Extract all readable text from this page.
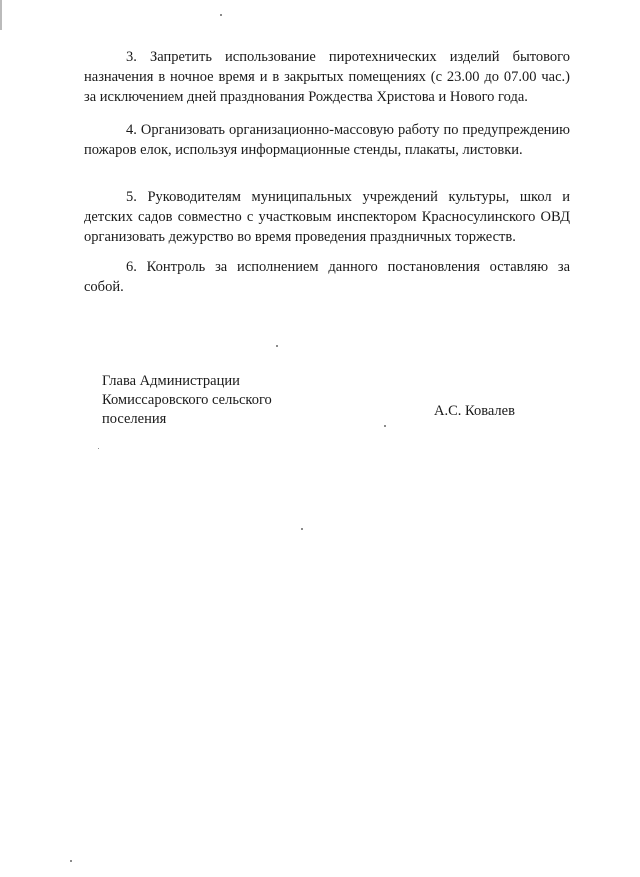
3. Запретить использование пиротехнических изделий бытового назначения в ночное время и в закрытых помещениях (с 23.00 до 07.00 час.) за исключением дней празднования Рождества Христова и Нового года.

4. Организовать организационно-массовую работу по предупреждению пожаров елок, используя информационные стенды, плакаты, листовки.

5. Руководителям муниципальных учреждений культуры, школ и детских садов совместно с участковым инспектором Красносулинского ОВД организовать дежурство во время проведения праздничных торжеств.

6. Контроль за исполнением данного постановления оставляю за собой.

Глава Администрации
Комиссаровского сельского
поселения	А.С. Ковалев
